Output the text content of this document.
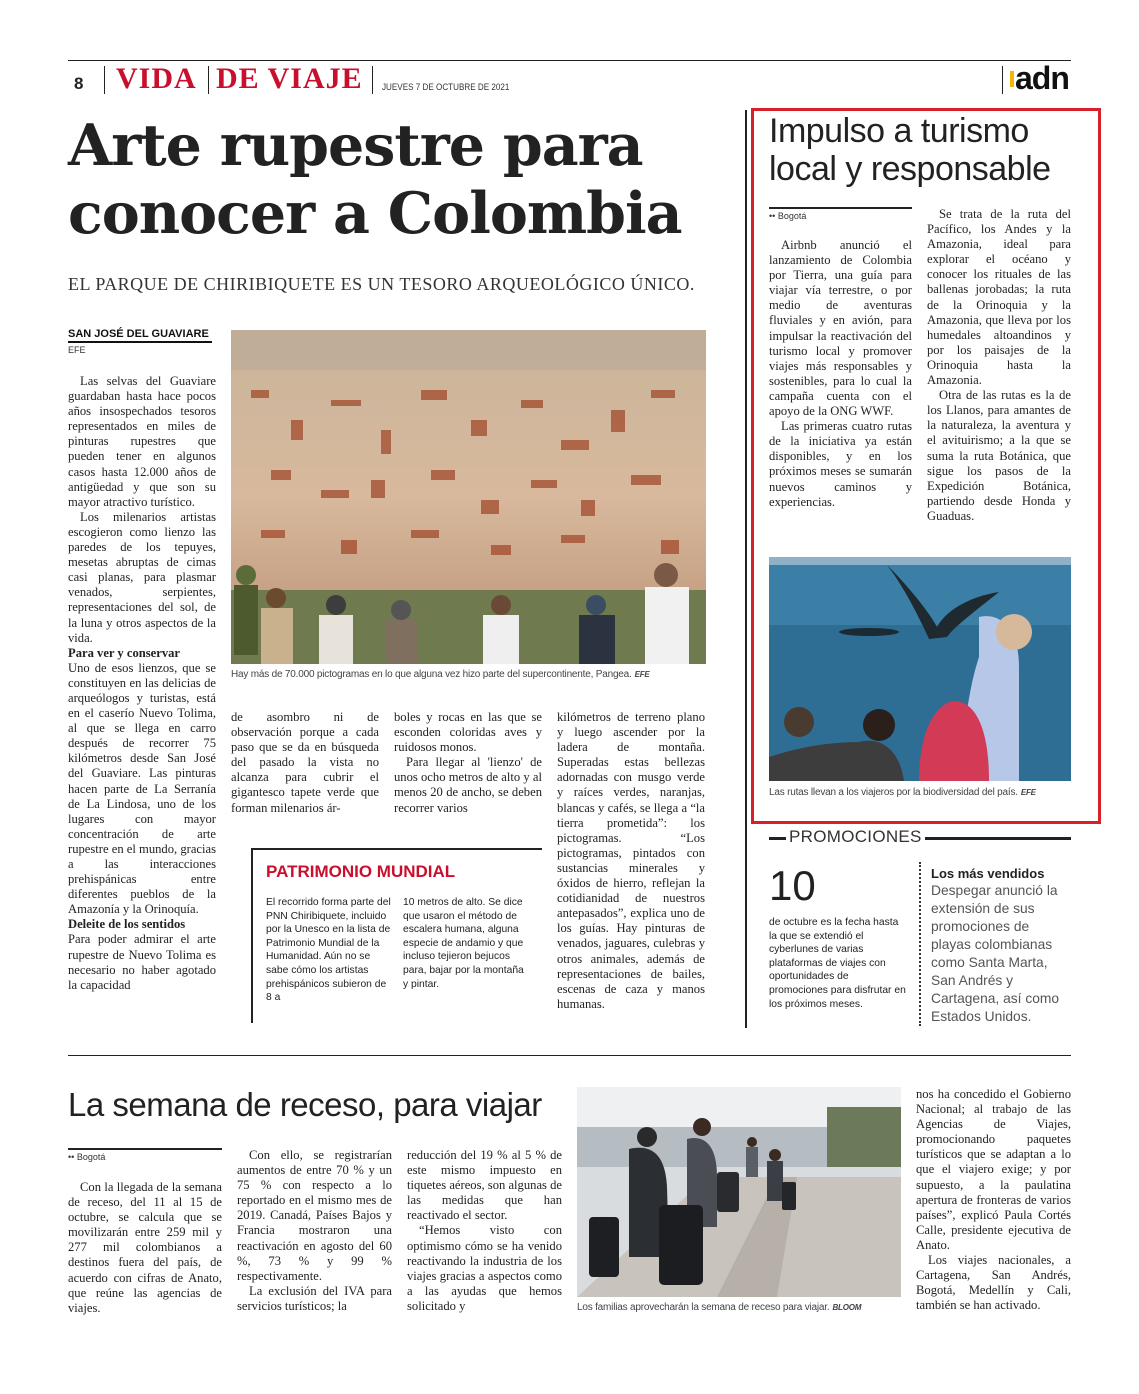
8 VIDA DE VIAJE JUEVES 7 DE OCTUBRE DE 2021	adn
Arte rupestre para conocer a Colombia
EL PARQUE DE CHIRIBIQUETE ES UN TESORO ARQUEOLÓGICO ÚNICO.
SAN JOSÉ DEL GUAVIARE
EFE

Las selvas del Guaviare guardaban hasta hace pocos años insospechados tesoros representados en miles de pinturas rupestres que pueden tener en algunos casos hasta 12.000 años de antigüedad y que son su mayor atractivo turístico.

Los milenarios artistas escogieron como lienzo las paredes de los tepuyes, mesetas abruptas de cimas casi planas, para plasmar venados, serpientes, representaciones del sol, de la luna y otros aspectos de la vida.

Para ver y conservar

Uno de esos lienzos, que se constituyen en las delicias de arqueólogos y turistas, está en el caserío Nuevo Tolima, al que se llega en carro después de recorrer 75 kilómetros desde San José del Guaviare. Las pinturas hacen parte de La Serranía de La Lindosa, uno de los lugares con mayor concentración de arte rupestre en el mundo, gracias a las interacciones prehispánicas entre diferentes pueblos de la Amazonía y la Orinoquía.

Deleite de los sentidos

Para poder admirar el arte rupestre de Nuevo Tolima es necesario no haber agotado la capacidad

Hay más de 70.000 pictogramas en lo que alguna vez hizo parte del supercontinente, Pangea. EFE

de asombro ni de observación porque a cada paso que se da en búsqueda del pasado la vista no alcanza para cubrir el gigantesco tapete verde que forman milenarios ár-

boles y rocas en las que se esconden coloridas aves y ruidosos monos.

Para llegar al 'lienzo' de unos ocho metros de alto y al menos 20 de ancho, se deben recorrer varios

kilómetros de terreno plano y luego ascender por la ladera de montaña. Superadas estas bellezas adornadas con musgo verde y raíces verdes, naranjas, blancas y cafés, se llega a “la tierra prometida”: los pictogramas. “Los pictogramas, pintados con sustancias minerales y óxidos de hierro, reflejan la cotidianidad de nuestros antepasados”, explica uno de los guías. Hay pinturas de venados, jaguares, culebras y otros animales, además de representaciones de bailes, escenas de caza y manos humanas.

PATRIMONIO MUNDIAL
El recorrido forma parte del PNN Chiribiquete, incluido por la Unesco en la lista de Patrimonio Mundial de la Humanidad. Aún no se sabe cómo los artistas prehispánicos subieron de 8 a
10 metros de alto. Se dice que usaron el método de escalera humana, alguna especie de andamio y que incluso tejieron bejucos para, bajar por la montaña y pintar.
Impulso a turismo
local y responsable
•• Bogotá

Airbnb anunció el lanzamiento de Colombia por Tierra, una guía para viajar vía terrestre, o por medio de aventuras fluviales y en avión, para impulsar la reactivación del turismo local y promover viajes más responsables y sostenibles, para lo cual la campaña cuenta con el apoyo de la ONG WWF.

Las primeras cuatro rutas de la iniciativa ya están disponibles, y en los próximos meses se sumarán nuevos caminos y experiencias.

Se trata de la ruta del Pacífico, los Andes y la Amazonia, ideal para explorar el océano y conocer los rituales de las ballenas jorobadas; la ruta de la Orinoquia y la Amazonia, que lleva por los humedales altoandinos y por los paisajes de la Orinoquia hasta la Amazonia.

Otra de las rutas es la de los Llanos, para amantes de la naturaleza, la aventura y el avituirismo; a la que se suma la ruta Botánica, que sigue los pasos de la Expedición Botánica, partiendo desde Honda y Guaduas.

Las rutas llevan a los viajeros por la biodiversidad del país. EFE
PROMOCIONES
10
de octubre es la fecha hasta la que se extendió el cyberlunes de varias plataformas de viajes con oportunidades de promociones para disfrutar en los próximos meses.
Los más vendidos
Despegar anunció la extensión de sus promociones de playas colombianas como Santa Marta, San Andrés y Cartagena, así como Estados Unidos.
La semana de receso, para viajar
•• Bogotá

Con la llegada de la semana de receso, del 11 al 15 de octubre, se calcula que se movilizarán entre 259 mil y 277 mil colombianos a destinos fuera del país, de acuerdo con cifras de Anato, que reúne las agencias de viajes.

Con ello, se registrarían aumentos de entre 70 % y un 75 % con respecto a lo reportado en el mismo mes de 2019. Canadá, Países Bajos y Francia mostraron una reactivación en agosto del 60 %, 73 % y 99 % respectivamente.

La exclusión del IVA para servicios turísticos; la

reducción del 19 % al 5 % de este mismo impuesto en tiquetes aéreos, son algunas de las medidas que han reactivado el sector.

“Hemos visto con optimismo cómo se ha venido reactivando la industria de los viajes gracias a aspectos como a las ayudas que hemos solicitado y	Los familias aprovecharán la semana de receso para viajar. BLOOM

nos ha concedido el Gobierno Nacional; al trabajo de las Agencias de Viajes, promocionando paquetes turísticos que se adaptan a lo que el viajero exige; y por supuesto, a la paulatina apertura de fronteras de varios países”, explicó Paula Cortés Calle, presidente ejecutiva de Anato.

Los viajes nacionales, a Cartagena, San Andrés, Bogotá, Medellín y Cali, también se han activado.
